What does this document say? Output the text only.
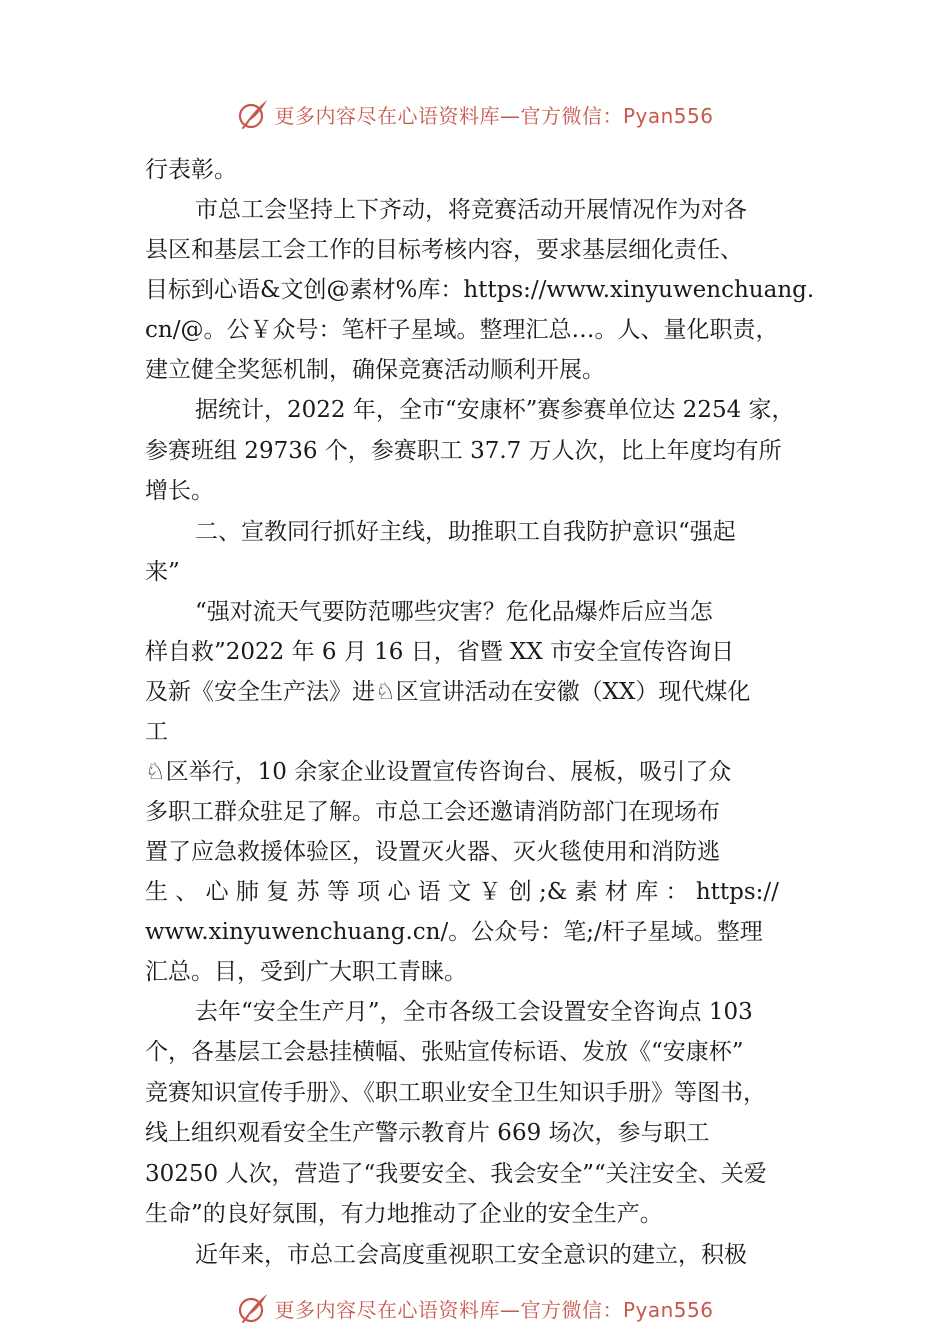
更多内容尽在心语资料库—官方微信：Pyan556
行表彰。
市总工会坚持上下齐动，将竞赛活动开展情况作为对各
县区和基层工会工作的目标考核内容，要求基层细化责任、
目标到心语&文创@素材%库：https://www.xinyuwenchuang.
cn/@。公￥众号：笔杆子星域。整理汇总…。人、量化职责，
建立健全奖惩机制，确保竞赛活动顺利开展。
据统计，2022 年，全市“安康杯”赛参赛单位达 2254 家，
参赛班组 29736 个，参赛职工 37.7 万人次，比上年度均有所
增长。
二、宣教同行抓好主线，助推职工自我防护意识“强起
来”
“强对流天气要防范哪些灾害？危化品爆炸后应当怎
样自救”2022 年 6 月 16 日，省暨 XX 市安全宣传咨询日
及新《安全生产法》进♘区宣讲活动在安徽（XX）现代煤化
工
♘区举行，10 余家企业设置宣传咨询台、展板，吸引了众
多职工群众驻足了解。市总工会还邀请消防部门在现场布
置了应急救援体验区，设置灭火器、灭火毯使用和消防逃
生 、 心 肺 复 苏 等 项 心 语 文 ￥ 创 ;& 素 材 库 ： https://
www.xinyuwenchuang.cn/。公众号：笔;/杆子星域。整理
汇总。目，受到广大职工青睐。
去年“安全生产月”，全市各级工会设置安全咨询点 103
个，各基层工会悬挂横幅、张贴宣传标语、发放《“安康杯”
竞赛知识宣传手册》、《职工职业安全卫生知识手册》等图书，
线上组织观看安全生产警示教育片 669 场次，参与职工
30250 人次，营造了“我要安全、我会安全”“关注安全、关爱
生命”的良好氛围，有力地推动了企业的安全生产。
近年来，市总工会高度重视职工安全意识的建立，积极
更多内容尽在心语资料库—官方微信：Pyan556
